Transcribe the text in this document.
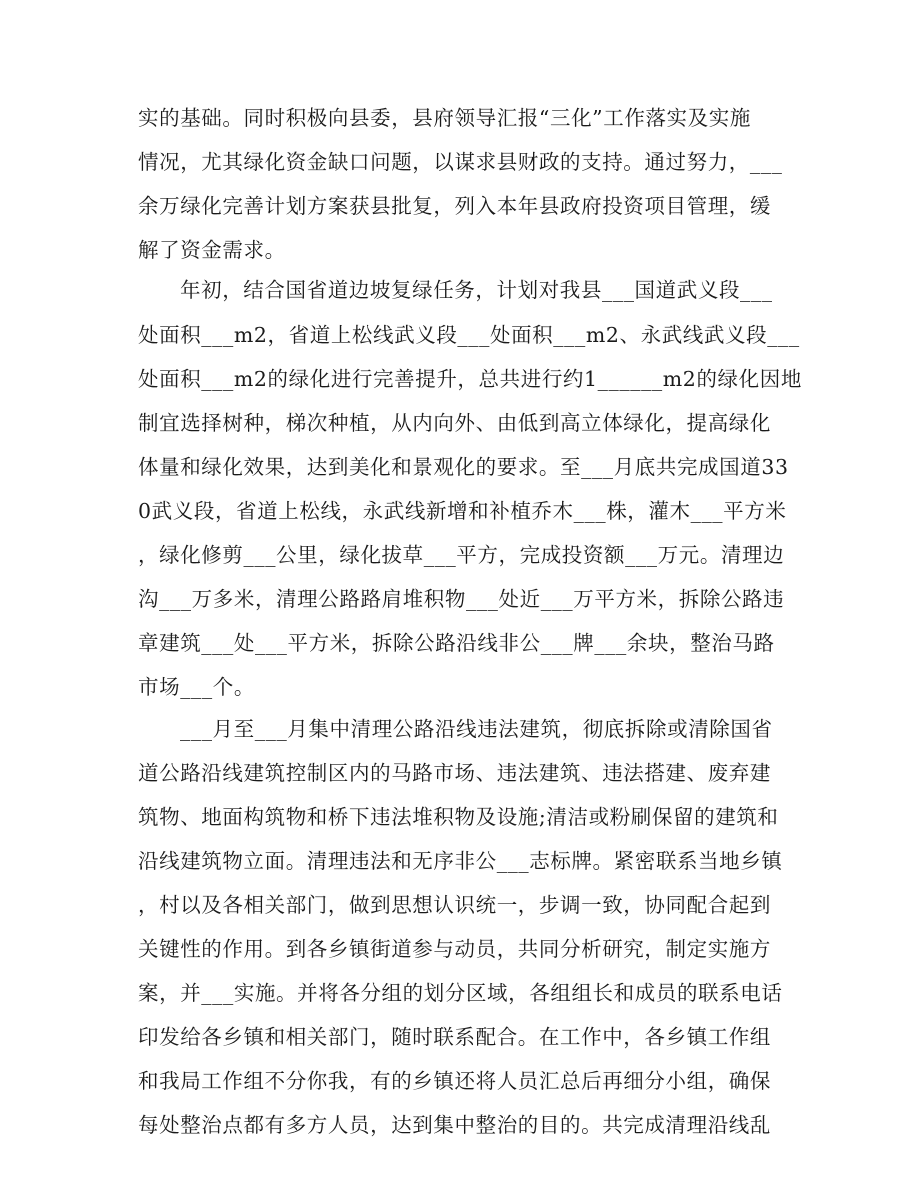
实的基础。同时积极向县委，县府领导汇报“三化”工作落实及实施
情况，尤其绿化资金缺口问题，以谋求县财政的支持。通过努力，___
余万绿化完善计划方案获县批复，列入本年县政府投资项目管理，缓
解了资金需求。
年初，结合国省道边坡复绿任务，计划对我县___国道武义段___
处面积___m2，省道上松线武义段___处面积___m2、永武线武义段___
处面积___m2的绿化进行完善提升，总共进行约1______m2的绿化因地
制宜选择树种，梯次种植，从内向外、由低到高立体绿化，提高绿化
体量和绿化效果，达到美化和景观化的要求。至___月底共完成国道33
0武义段，省道上松线，永武线新增和补植乔木___株，灌木___平方米
，绿化修剪___公里，绿化拔草___平方，完成投资额___万元。清理边
沟___万多米，清理公路路肩堆积物___处近___万平方米，拆除公路违
章建筑___处___平方米，拆除公路沿线非公___牌___余块，整治马路
市场___个。
___月至___月集中清理公路沿线违法建筑，彻底拆除或清除国省
道公路沿线建筑控制区内的马路市场、违法建筑、违法搭建、废弃建
筑物、地面构筑物和桥下违法堆积物及设施;清洁或粉刷保留的建筑和
沿线建筑物立面。清理违法和无序非公___志标牌。紧密联系当地乡镇
，村以及各相关部门，做到思想认识统一，步调一致，协同配合起到
关键性的作用。到各乡镇街道参与动员，共同分析研究，制定实施方
案，并___实施。并将各分组的划分区域，各组组长和成员的联系电话
印发给各乡镇和相关部门，随时联系配合。在工作中，各乡镇工作组
和我局工作组不分你我，有的乡镇还将人员汇总后再细分小组，确保
每处整治点都有多方人员，达到集中整治的目的。共完成清理沿线乱
